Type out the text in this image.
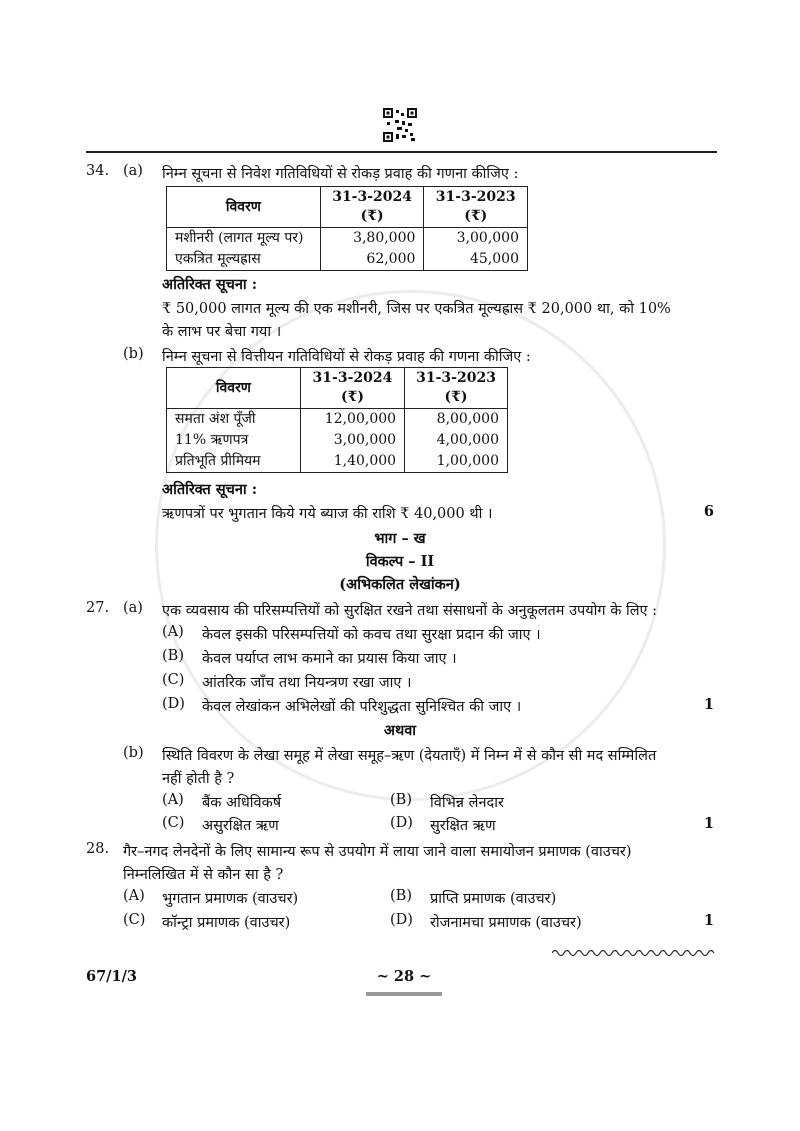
34. (a) निम्न सूचना से निवेश गतिविधियों से रोकड़ प्रवाह की गणना कीजिए :
विवरण	31-3-2024 (₹)	31-3-2023 (₹)
मशीनरी (लागत मूल्य पर)	3,80,000	3,00,000
एकत्रित मूल्यह्रास	62,000	45,000
अतिरिक्त सूचना :
₹ 50,000 लागत मूल्य की एक मशीनरी, जिस पर एकत्रित मूल्यह्रास ₹ 20,000 था, को 10%
के लाभ पर बेचा गया ।
(b) निम्न सूचना से वित्तीयन गतिविधियों से रोकड़ प्रवाह की गणना कीजिए :
विवरण	31-3-2024 (₹)	31-3-2023 (₹)
समता अंश पूँजी	12,00,000	8,00,000
11% ऋणपत्र	3,00,000	4,00,000
प्रतिभूति प्रीमियम	1,40,000	1,00,000
अतिरिक्त सूचना :
ऋणपत्रों पर भुगतान किये गये ब्याज की राशि ₹ 40,000 थी ।	6
भाग – ख
विकल्प – II
(अभिकलित लेखांकन)
27. (a) एक व्यवसाय की परिसम्पत्तियों को सुरक्षित रखने तथा संसाधनों के अनुकूलतम उपयोग के लिए :
(A) केवल इसकी परिसम्पत्तियों को कवच तथा सुरक्षा प्रदान की जाए ।
(B) केवल पर्याप्त लाभ कमाने का प्रयास किया जाए ।
(C) आंतरिक जाँच तथा नियन्त्रण रखा जाए ।
(D) केवल लेखांकन अभिलेखों की परिशुद्धता सुनिश्चित की जाए ।	1
अथवा
(b) स्थिति विवरण के लेखा समूह में लेखा समूह–ऋण (देयताएँ) में निम्न में से कौन सी मद सम्मिलित
नहीं होती है ?
(A) बैंक अधिविकर्ष	(B) विभिन्न लेनदार
(C) असुरक्षित ऋण	(D) सुरक्षित ऋण	1
28. गैर–नगद लेनदेनों के लिए सामान्य रूप से उपयोग में लाया जाने वाला समायोजन प्रमाणक (वाउचर)
निम्नलिखित में से कौन सा है ?
(A) भुगतान प्रमाणक (वाउचर)	(B) प्राप्ति प्रमाणक (वाउचर)
(C) कॉन्ट्रा प्रमाणक (वाउचर)	(D) रोजनामचा प्रमाणक (वाउचर)	1
67/1/3	~ 28 ~
